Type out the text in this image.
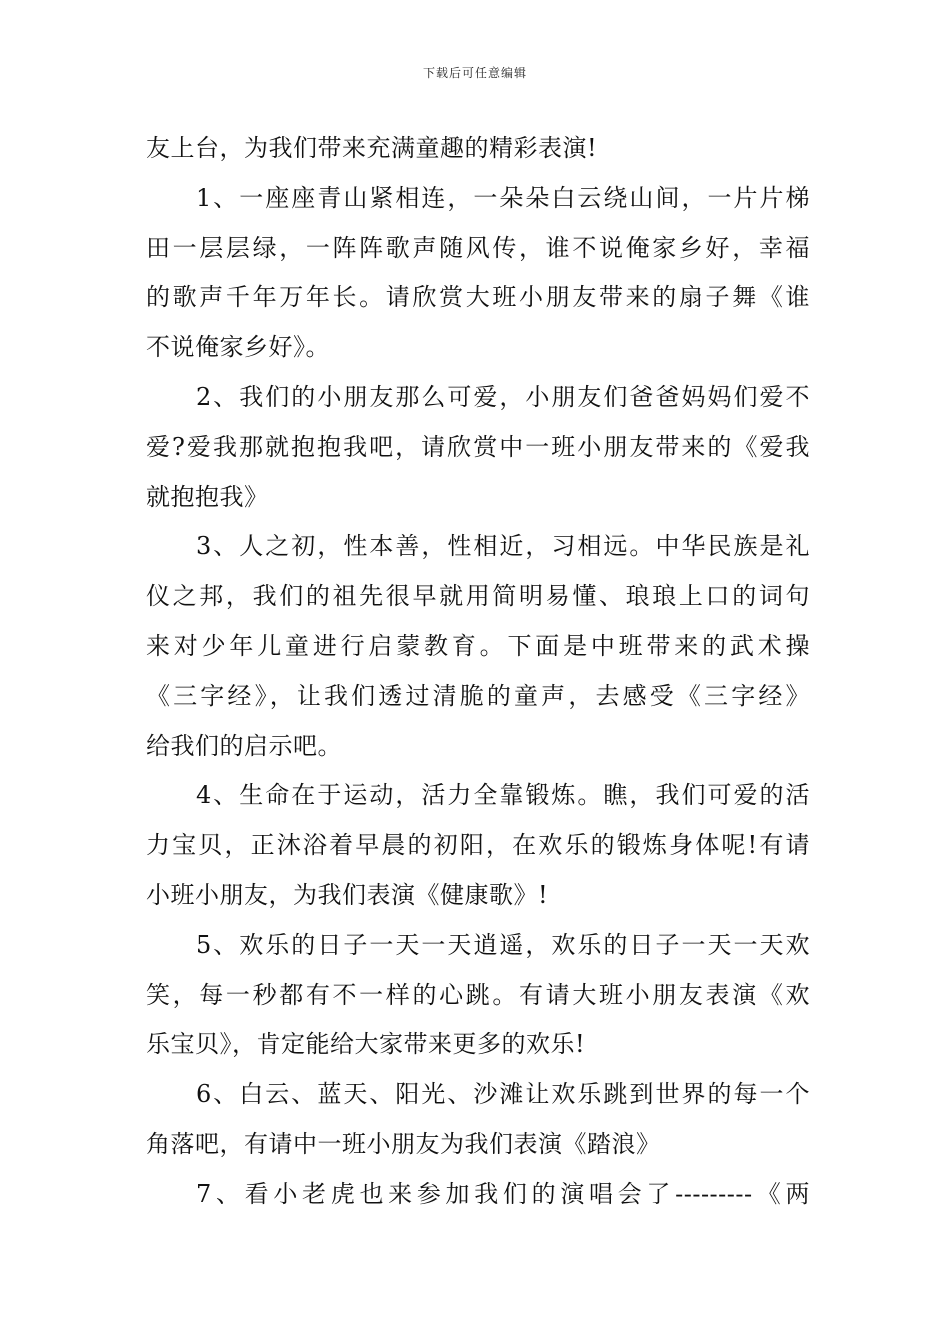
下载后可任意编辑
友上台，为我们带来充满童趣的精彩表演!
1、一座座青山紧相连，一朵朵白云绕山间，一片片梯
田一层层绿，一阵阵歌声随风传，谁不说俺家乡好，幸福
的歌声千年万年长。请欣赏大班小朋友带来的扇子舞《谁
不说俺家乡好》。
2、我们的小朋友那么可爱，小朋友们爸爸妈妈们爱不
爱?爱我那就抱抱我吧，请欣赏中一班小朋友带来的《爱我
就抱抱我》
3、人之初，性本善，性相近，习相远。中华民族是礼
仪之邦，我们的祖先很早就用简明易懂、琅琅上口的词句
来对少年儿童进行启蒙教育。下面是中班带来的武术操
《三字经》，让我们透过清脆的童声，去感受《三字经》
给我们的启示吧。
4、生命在于运动，活力全靠锻炼。瞧，我们可爱的活
力宝贝，正沐浴着早晨的初阳，在欢乐的锻炼身体呢!有请
小班小朋友，为我们表演《健康歌》!
5、欢乐的日子一天一天逍遥，欢乐的日子一天一天欢
笑，每一秒都有不一样的心跳。有请大班小朋友表演《欢
乐宝贝》，肯定能给大家带来更多的欢乐!
6、白云、蓝天、阳光、沙滩让欢乐跳到世界的每一个
角落吧，有请中一班小朋友为我们表演《踏浪》
7、看小老虎也来参加我们的演唱会了---------《两
